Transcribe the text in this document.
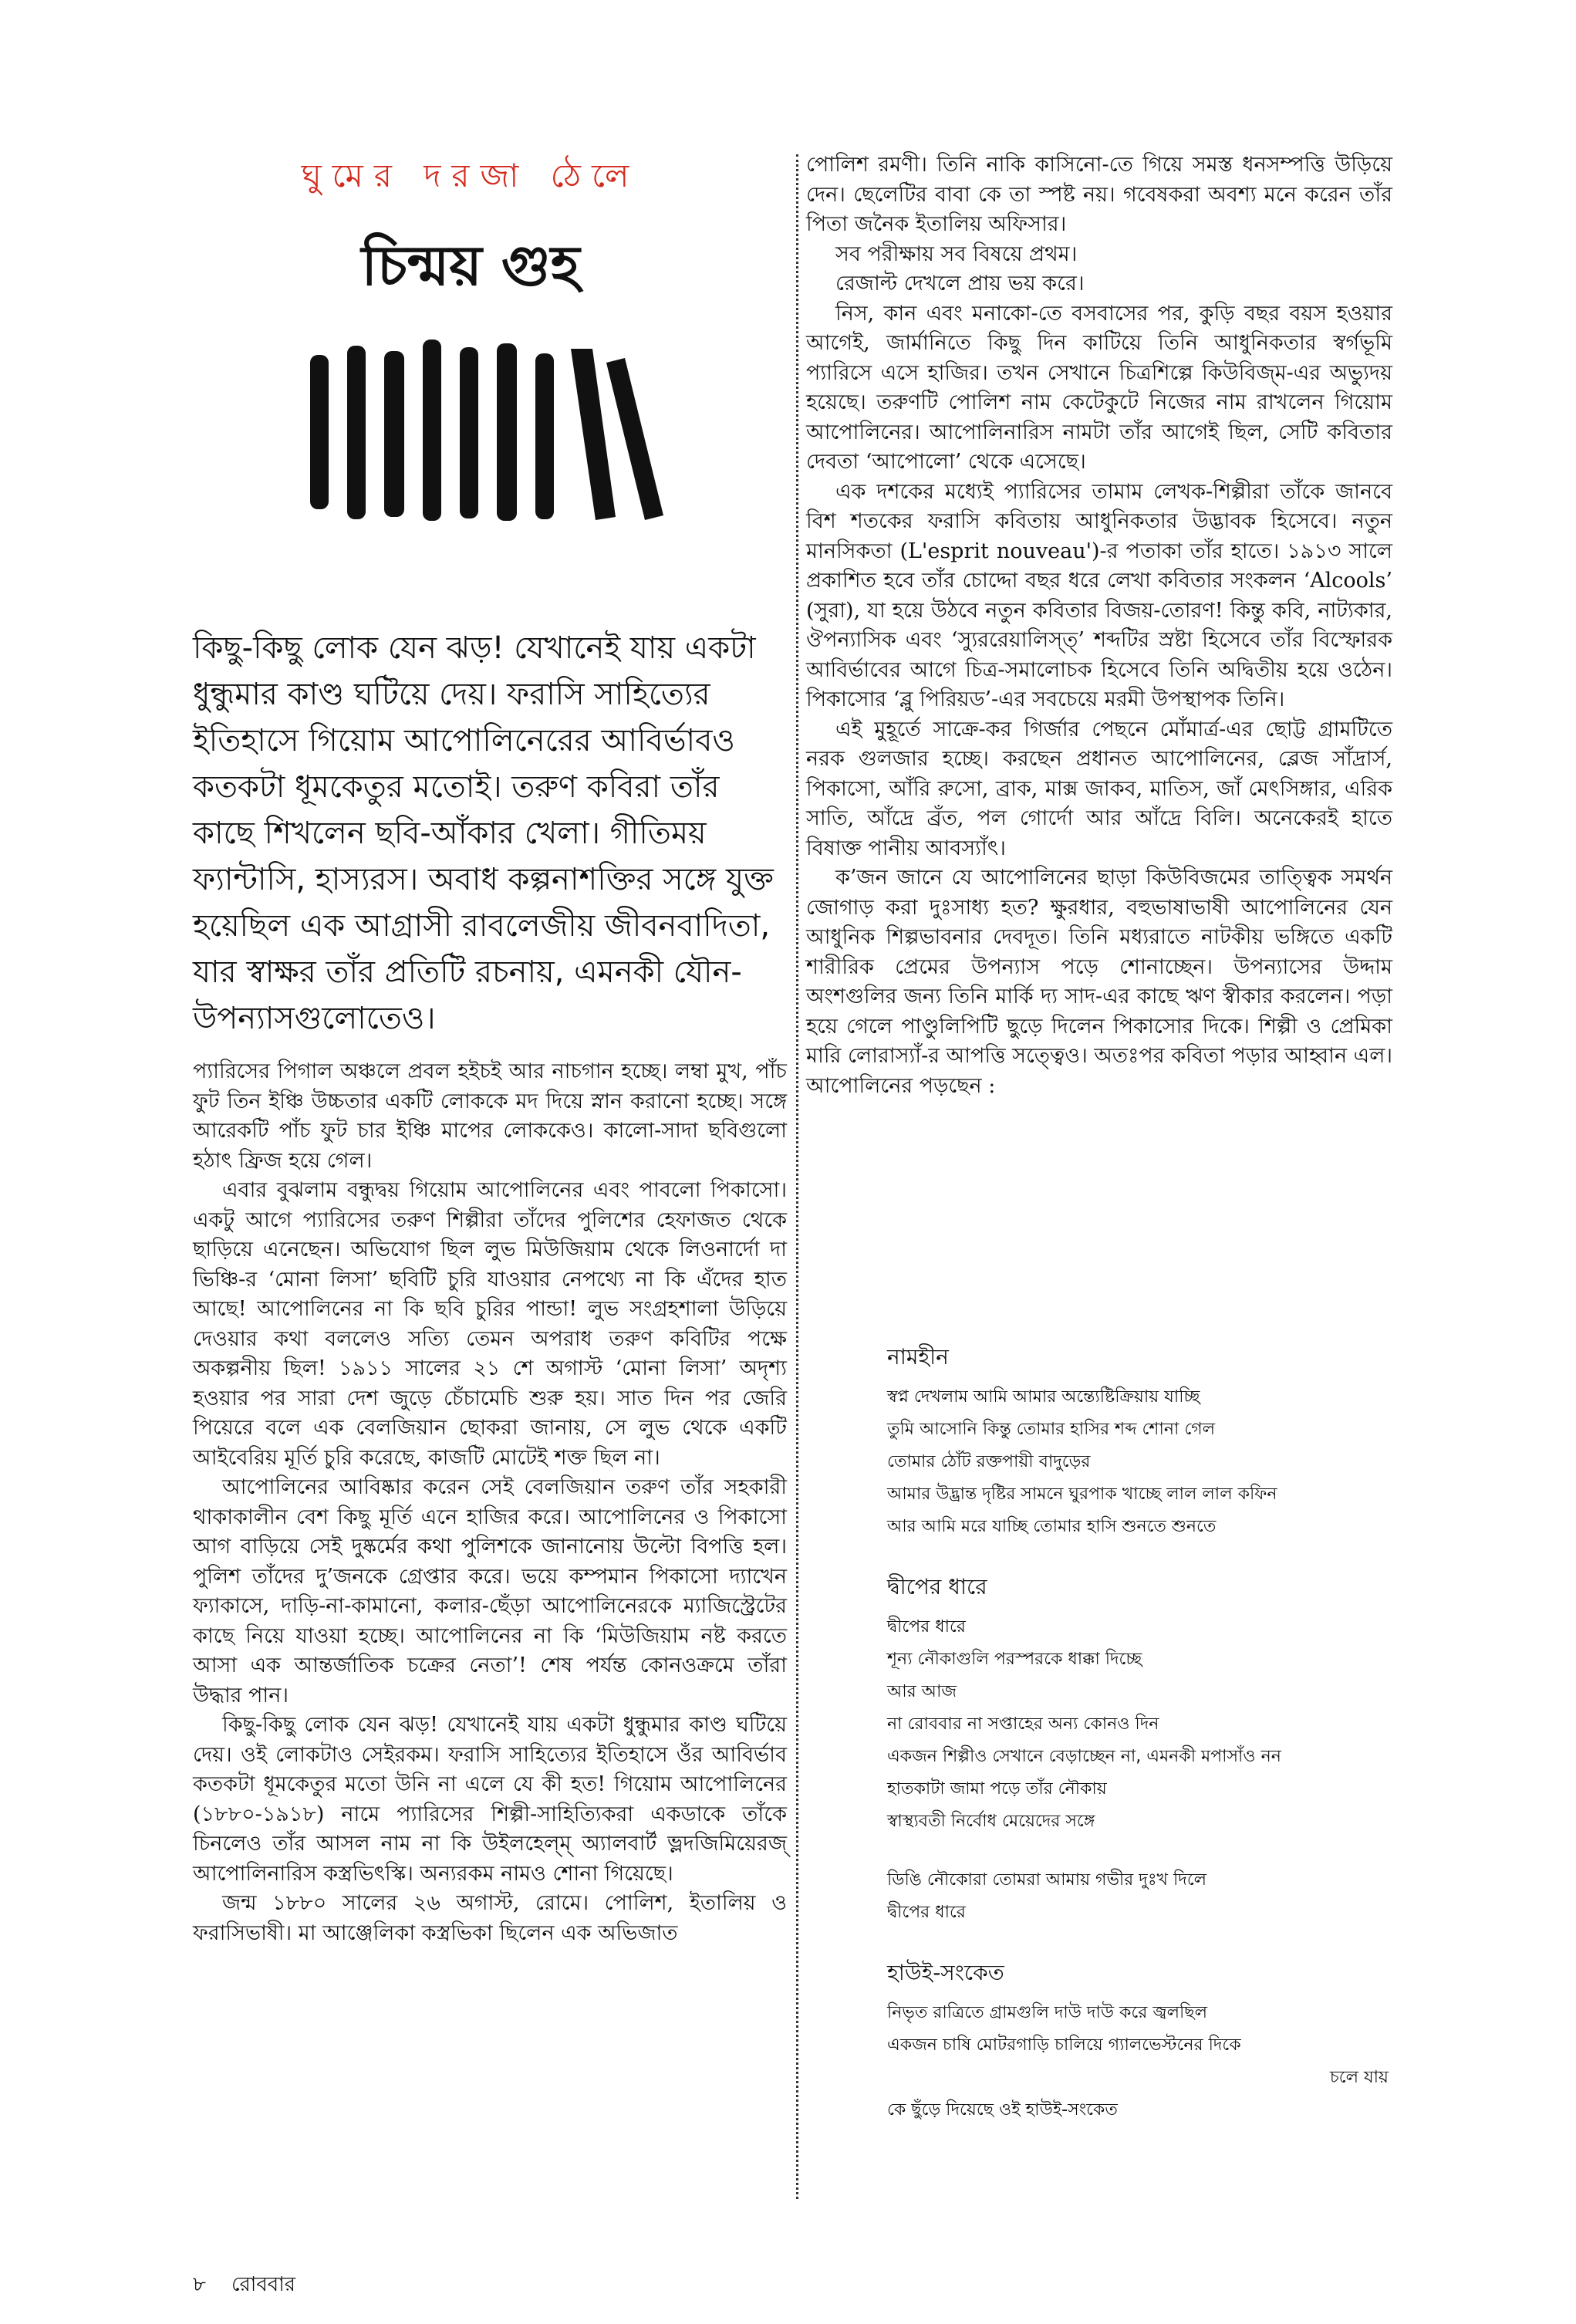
ঘুমের দরজা ঠেলে
চিন্ময় গুহ
কিছু-কিছু লোক যেন ঝড়! যেখানেই যায় একটা ধুন্ধুমার কাণ্ড ঘটিয়ে দেয়। ফরাসি সাহিত্যের ইতিহাসে গিয়োম আপোলিনেরের আবির্ভাবও কতকটা ধূমকেতুর মতোই। তরুণ কবিরা তাঁর কাছে শিখলেন ছবি-আঁকার খেলা। গীতিময় ফ্যান্টাসি, হাস্যরস। অবাধ কল্পনাশক্তির সঙ্গে যুক্ত হয়েছিল এক আগ্রাসী রাবলেজীয় জীবনবাদিতা, যার স্বাক্ষর তাঁর প্রতিটি রচনায়, এমনকী যৌন-উপন্যাসগুলোতেও।

প্যারিসের পিগাল অঞ্চলে প্রবল হইচই আর নাচগান হচ্ছে। লম্বা মুখ, পাঁচ ফুট তিন ইঞ্চি উচ্চতার একটি লোককে মদ দিয়ে স্নান করানো হচ্ছে। সঙ্গে আরেকটি পাঁচ ফুট চার ইঞ্চি মাপের লোককেও। কালো-সাদা ছবিগুলো হঠাৎ ফ্রিজ হয়ে গেল।

এবার বুঝলাম বন্ধুদ্বয় গিয়োম আপোলিনের এবং পাবলো পিকাসো। একটু আগে প্যারিসের তরুণ শিল্পীরা তাঁদের পুলিশের হেফাজত থেকে ছাড়িয়ে এনেছেন। অভিযোগ ছিল লুভ মিউজিয়াম থেকে লিওনার্দো দা ভিঞ্চি-র ‘মোনা লিসা’ ছবিটি চুরি যাওয়ার নেপথ্যে না কি এঁদের হাত আছে! আপোলিনের না কি ছবি চুরির পান্ডা! লুভ সংগ্রহশালা উড়িয়ে দেওয়ার কথা বললেও সত্যি তেমন অপরাধ তরুণ কবিটির পক্ষে অকল্পনীয় ছিল! ১৯১১ সালের ২১ শে অগাস্ট ‘মোনা লিসা’ অদৃশ্য হওয়ার পর সারা দেশ জুড়ে চেঁচামেচি শুরু হয়। সাত দিন পর জেরি পিয়েরে বলে এক বেলজিয়ান ছোকরা জানায়, সে লুভ থেকে একটি আইবেরিয় মূর্তি চুরি করেছে, কাজটি মোটেই শক্ত ছিল না।

আপোলিনের আবিষ্কার করেন সেই বেলজিয়ান তরুণ তাঁর সহকারী থাকাকালীন বেশ কিছু মূর্তি এনে হাজির করে। আপোলিনের ও পিকাসো আগ বাড়িয়ে সেই দুষ্কর্মের কথা পুলিশকে জানানোয় উল্টো বিপত্তি হল। পুলিশ তাঁদের দু’জনকে গ্রেপ্তার করে। ভয়ে কম্পমান পিকাসো দ্যাখেন ফ্যাকাসে, দাড়ি-না-কামানো, কলার-ছেঁড়া আপোলিনেরকে ম্যাজিস্ট্রেটের কাছে নিয়ে যাওয়া হচ্ছে। আপোলিনের না কি ‘মিউজিয়াম নষ্ট করতে আসা এক আন্তর্জাতিক চক্রের নেতা’! শেষ পর্যন্ত কোনওক্রমে তাঁরা উদ্ধার পান।

কিছু-কিছু লোক যেন ঝড়! যেখানেই যায় একটা ধুন্ধুমার কাণ্ড ঘটিয়ে দেয়। ওই লোকটাও সেইরকম। ফরাসি সাহিত্যের ইতিহাসে ওঁর আবির্ভাব কতকটা ধূমকেতুর মতো উনি না এলে যে কী হত! গিয়োম আপোলিনের (১৮৮০-১৯১৮) নামে প্যারিসের শিল্পী-সাহিত্যিকরা একডাকে তাঁকে চিনলেও তাঁর আসল নাম না কি উইলহেল্ম্‌ অ্যালবার্ট ভ্লদজিমিয়েরজ্‌ আপোলিনারিস কস্ত্রভিৎস্কি। অন্যরকম নামও শোনা গিয়েছে।

জন্ম ১৮৮০ সালের ২৬ অগাস্ট, রোমে। পোলিশ, ইতালিয় ও ফরাসিভাষী। মা আঞ্জেলিকা কস্ত্রভিকা ছিলেন এক অভিজাত

পোলিশ রমণী। তিনি নাকি কাসিনো-তে গিয়ে সমস্ত ধনসম্পত্তি উড়িয়ে দেন। ছেলেটির বাবা কে তা স্পষ্ট নয়। গবেষকরা অবশ্য মনে করেন তাঁর পিতা জনৈক ইতালিয় অফিসার।

সব পরীক্ষায় সব বিষয়ে প্রথম।

রেজাল্ট দেখলে প্রায় ভয় করে।

নিস, কান এবং মনাকো-তে বসবাসের পর, কুড়ি বছর বয়স হওয়ার আগেই, জার্মানিতে কিছু দিন কাটিয়ে তিনি আধুনিকতার স্বর্গভূমি প্যারিসে এসে হাজির। তখন সেখানে চিত্রশিল্পে কিউবিজ্‌ম-এর অভ্যুদয় হয়েছে। তরুণটি পোলিশ নাম কেটেকুটে নিজের নাম রাখলেন গিয়োম আপোলিনের। আপোলিনারিস নামটা তাঁর আগেই ছিল, সেটি কবিতার দেবতা ‘আপোলো’ থেকে এসেছে।

এক দশকের মধ্যেই প্যারিসের তামাম লেখক-শিল্পীরা তাঁকে জানবে বিশ শতকের ফরাসি কবিতায় আধুনিকতার উদ্ভাবক হিসেবে। নতুন মানসিকতা (L'esprit nouveau')-র পতাকা তাঁর হাতে। ১৯১৩ সালে প্রকাশিত হবে তাঁর চোদ্দো বছর ধরে লেখা কবিতার সংকলন ‘Alcools’ (সুরা), যা হয়ে উঠবে নতুন কবিতার বিজয়-তোরণ! কিন্তু কবি, নাট্যকার, ঔপন্যাসিক এবং ‘স্যুররেয়ালিস্ত্‌’ শব্দটির স্রষ্টা হিসেবে তাঁর বিস্ফোরক আবির্ভাবের আগে চিত্র-সমালোচক হিসেবে তিনি অদ্বিতীয় হয়ে ওঠেন। পিকাসোর ‘ব্লু পিরিয়ড’-এর সবচেয়ে মরমী উপস্থাপক তিনি।

এই মুহূর্তে সাক্রে-কর গির্জার পেছনে মোঁমার্ত্র-এর ছোট্ট গ্রামটিতে নরক গুলজার হচ্ছে। করছেন প্রধানত আপোলিনের, ব্লেজ সাঁদ্রার্স, পিকাসো, আঁরি রুসো, ব্রাক, মাক্স জাকব, মাতিস, জাঁ মেৎসিঙ্গার, এরিক সাতি, আঁদ্রে ব্রঁত, পল গোর্দো আর আঁদ্রে বিলি। অনেকেরই হাতে বিষাক্ত পানীয় আবস্যাঁৎ।

ক’জন জানে যে আপোলিনের ছাড়া কিউবিজমের তাত্ত্বিক সমর্থন জোগাড় করা দুঃসাধ্য হত? ক্ষুরধার, বহুভাষাভাষী আপোলিনের যেন আধুনিক শিল্পভাবনার দেবদূত। তিনি মধ্যরাতে নাটকীয় ভঙ্গিতে একটি শারীরিক প্রেমের উপন্যাস পড়ে শোনাচ্ছেন। উপন্যাসের উদ্দাম অংশগুলির জন্য তিনি মার্কি দ্য সাদ-এর কাছে ঋণ স্বীকার করলেন। পড়া হয়ে গেলে পাণ্ডুলিপিটি ছুড়ে দিলেন পিকাসোর দিকে। শিল্পী ও প্রেমিকা মারি লোরাস্যাঁ-র আপত্তি সত্ত্বেও। অতঃপর কবিতা পড়ার আহ্বান এল। আপোলিনের পড়ছেন :

নামহীন
স্বপ্ন দেখলাম আমি আমার অন্ত্যেষ্টিক্রিয়ায় যাচ্ছি
তুমি আসোনি কিন্তু তোমার হাসির শব্দ শোনা গেল
তোমার ঠোঁট রক্তপায়ী বাদুড়ের
আমার উদ্ভ্রান্ত দৃষ্টির সামনে ঘুরপাক খাচ্ছে লাল লাল কফিন
আর আমি মরে যাচ্ছি তোমার হাসি শুনতে শুনতে
দ্বীপের ধারে
দ্বীপের ধারে
শূন্য নৌকাগুলি পরস্পরকে ধাক্কা দিচ্ছে
আর আজ
না রোববার না সপ্তাহের অন্য কোনও দিন
একজন শিল্পীও সেখানে বেড়াচ্ছেন না, এমনকী মপাসাঁও নন
হাতকাটা জামা পড়ে তাঁর নৌকায়
স্বাস্থ্যবতী নির্বোধ মেয়েদের সঙ্গে
ডিঙি নৌকোরা তোমরা আমায় গভীর দুঃখ দিলে
দ্বীপের ধারে
হাউই-সংকেত
নিভৃত রাত্রিতে গ্রামগুলি দাউ দাউ করে জ্বলছিল
একজন চাষি মোটরগাড়ি চালিয়ে গ্যালভেস্টনের দিকে
চলে যায়
কে ছুঁড়ে দিয়েছে ওই হাউই-সংকেত
৮ রোববার
